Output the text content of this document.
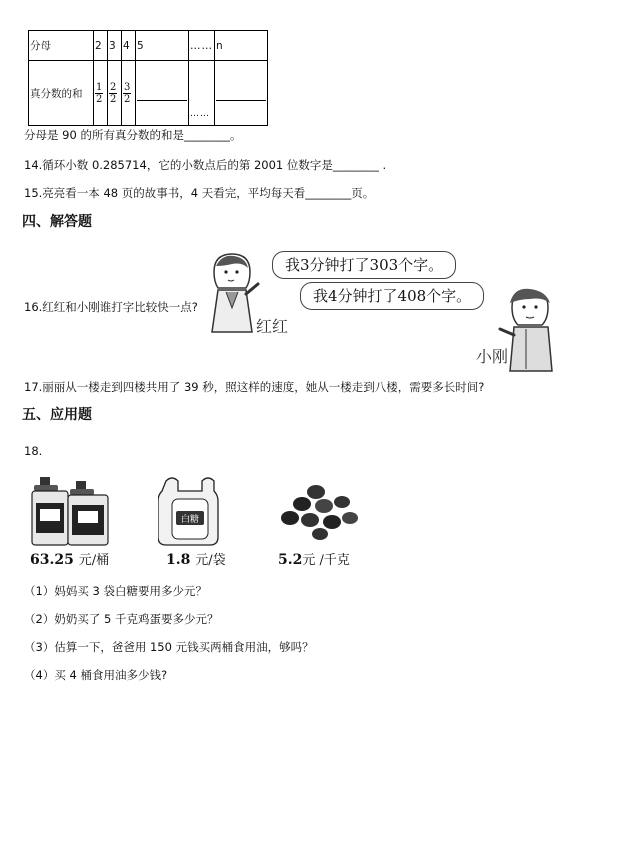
分母	2	3	4	5	……	n
真分数的和	$\frac{1}{2}$	$\frac{2}{2}$	$\frac{3}{2}$		……	
分母是 90 的所有真分数的和是________。
14.循环小数 0.285714，它的小数点后的第 2001 位数字是________ .
15.亮亮看一本 48 页的故事书，4 天看完，平均每天看________页。
四、解答题
16.红红和小刚谁打字比较快一点?
我3分钟打了303个字。
我4分钟打了408个字。
红红
小刚
17.丽丽从一楼走到四楼共用了 39 秒，照这样的速度，她从一楼走到八楼，需要多长时间?
五、应用题
18.
63.25 元/桶
白糖
1.8 元/袋	5.2元 /千克
（1）妈妈买 3 袋白糖要用多少元？
（2）奶奶买了 5 千克鸡蛋要多少元？
（3）估算一下，爸爸用 150 元钱买两桶食用油，够吗？
（4）买 4 桶食用油多少钱?
